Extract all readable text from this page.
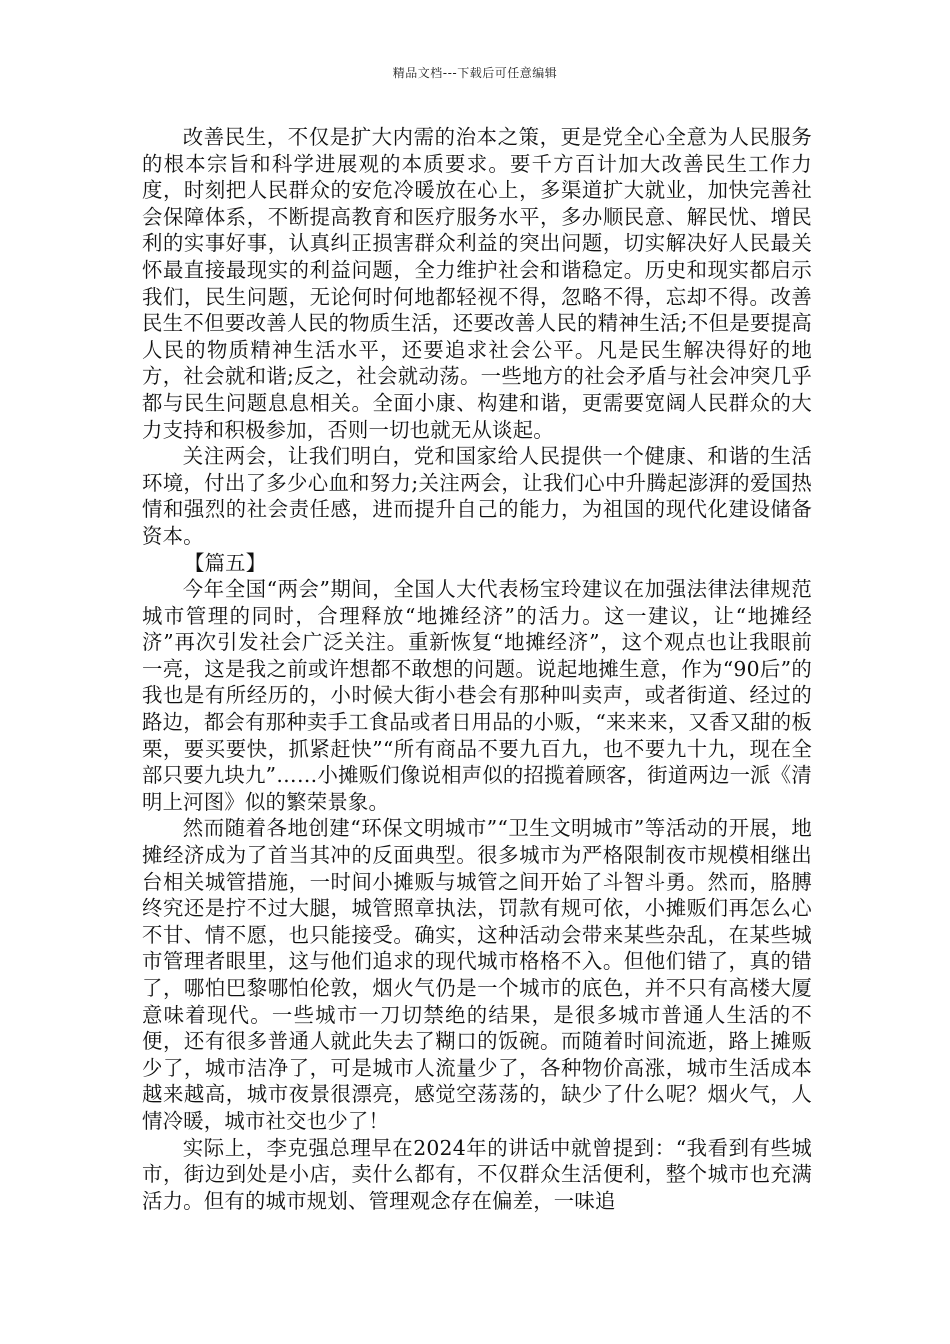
精品文档---下载后可任意编辑

改善民生，不仅是扩大内需的治本之策，更是党全心全意为人民服务的根本宗旨和科学进展观的本质要求。要千方百计加大改善民生工作力度，时刻把人民群众的安危冷暖放在心上，多渠道扩大就业，加快完善社会保障体系，不断提高教育和医疗服务水平，多办顺民意、解民忧、增民利的实事好事，认真纠正损害群众利益的突出问题，切实解决好人民最关怀最直接最现实的利益问题，全力维护社会和谐稳定。历史和现实都启示我们，民生问题，无论何时何地都轻视不得，忽略不得，忘却不得。改善民生不但要改善人民的物质生活，还要改善人民的精神生活;不但是要提高人民的物质精神生活水平，还要追求社会公平。凡是民生解决得好的地方，社会就和谐;反之，社会就动荡。一些地方的社会矛盾与社会冲突几乎都与民生问题息息相关。全面小康、构建和谐，更需要宽阔人民群众的大力支持和积极参加，否则一切也就无从谈起。

关注两会，让我们明白，党和国家给人民提供一个健康、和谐的生活环境，付出了多少心血和努力;关注两会，让我们心中升腾起澎湃的爱国热情和强烈的社会责任感，进而提升自己的能力，为祖国的现代化建设储备资本。

【篇五】

今年全国“两会”期间，全国人大代表杨宝玲建议在加强法律法律规范城市管理的同时，合理释放“地摊经济”的活力。这一建议，让“地摊经济”再次引发社会广泛关注。重新恢复“地摊经济”，这个观点也让我眼前一亮，这是我之前或许想都不敢想的问题。说起地摊生意，作为“90后”的我也是有所经历的，小时候大街小巷会有那种叫卖声，或者街道、经过的路边，都会有那种卖手工食品或者日用品的小贩，“来来来，又香又甜的板栗，要买要快，抓紧赶快”“所有商品不要九百九，也不要九十九，现在全部只要九块九”……小摊贩们像说相声似的招揽着顾客，街道两边一派《清明上河图》似的繁荣景象。

然而随着各地创建“环保文明城市”“卫生文明城市”等活动的开展，地摊经济成为了首当其冲的反面典型。很多城市为严格限制夜市规模相继出台相关城管措施，一时间小摊贩与城管之间开始了斗智斗勇。然而，胳膊终究还是拧不过大腿，城管照章执法，罚款有规可依，小摊贩们再怎么心不甘、情不愿，也只能接受。确实，这种活动会带来某些杂乱，在某些城市管理者眼里，这与他们追求的现代城市格格不入。但他们错了，真的错了，哪怕巴黎哪怕伦敦，烟火气仍是一个城市的底色，并不只有高楼大厦意味着现代。一些城市一刀切禁绝的结果，是很多城市普通人生活的不便，还有很多普通人就此失去了糊口的饭碗。而随着时间流逝，路上摊贩少了，城市洁净了，可是城市人流量少了，各种物价高涨，城市生活成本越来越高，城市夜景很漂亮，感觉空荡荡的，缺少了什么呢？烟火气，人情冷暖，城市社交也少了！

实际上，李克强总理早在2024年的讲话中就曾提到：“我看到有些城市，街边到处是小店，卖什么都有，不仅群众生活便利，整个城市也充满活力。但有的城市规划、管理观念存在偏差，一味追
